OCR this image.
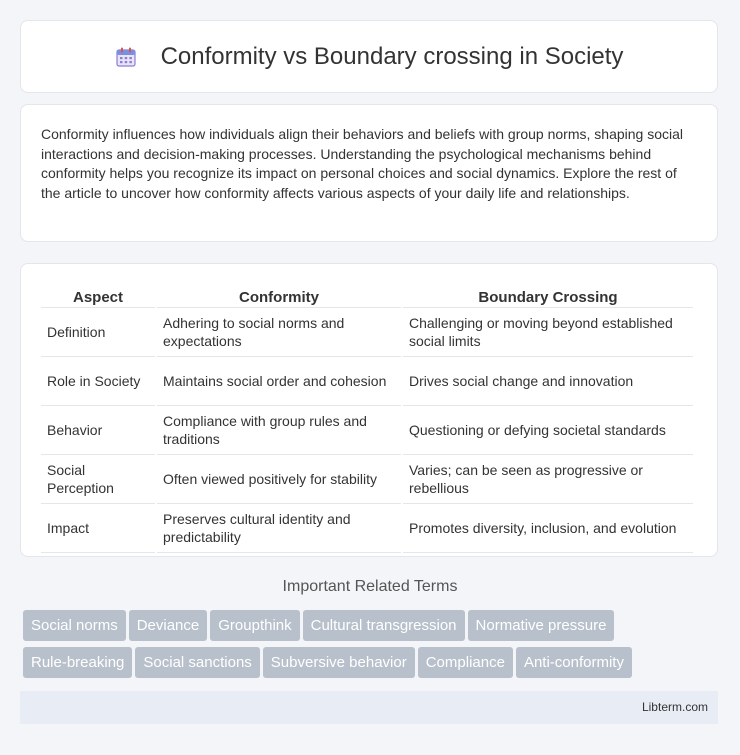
Conformity vs Boundary crossing in Society

Conformity influences how individuals align their behaviors and beliefs with group norms, shaping social interactions and decision-making processes. Understanding the psychological mechanisms behind conformity helps you recognize its impact on personal choices and social dynamics. Explore the rest of the article to uncover how conformity affects various aspects of your daily life and relationships.

Aspect	Conformity	Boundary Crossing
Definition	Adhering to social norms and expectations	Challenging or moving beyond established social limits
Role in Society	Maintains social order and cohesion	Drives social change and innovation
Behavior	Compliance with group rules and traditions	Questioning or defying societal standards
Social Perception	Often viewed positively for stability	Varies; can be seen as progressive or rebellious
Impact	Preserves cultural identity and predictability	Promotes diversity, inclusion, and evolution
Important Related Terms
Social norms Deviance Groupthink Cultural transgression Normative pressure
Rule-breaking Social sanctions Subversive behavior Compliance Anti-conformity
Libterm.com
